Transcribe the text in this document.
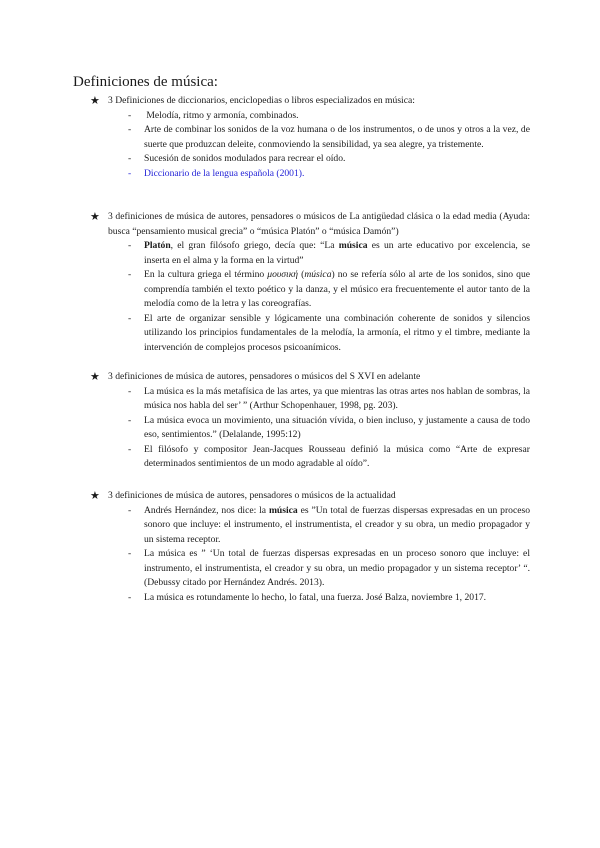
Definiciones de música:
★ 3 Definiciones de diccionarios, enciclopedias o libros especializados en música:
- Melodía, ritmo y armonía, combinados.
- Arte de combinar los sonidos de la voz humana o de los instrumentos, o de unos y otros a la vez, de suerte que produzcan deleite, conmoviendo la sensibilidad, ya sea alegre, ya tristemente.
- Sucesión de sonidos modulados para recrear el oído.
- Diccionario de la lengua española (2001).
★ 3 definiciones de música de autores, pensadores o músicos de La antigüedad clásica o la edad media (Ayuda: busca “pensamiento musical grecia” o “música Platón” o “música Damón”)
- Platón, el gran filósofo griego, decía que: “La música es un arte educativo por excelencia, se inserta en el alma y la forma en la virtud”
- En la cultura griega el término μουσική (música) no se refería sólo al arte de los sonidos, sino que comprendía también el texto poético y la danza, y el músico era frecuentemente el autor tanto de la melodía como de la letra y las coreografías.
- El arte de organizar sensible y lógicamente una combinación coherente de sonidos y silencios utilizando los principios fundamentales de la melodía, la armonía, el ritmo y el timbre, mediante la intervención de complejos procesos psicoanímicos.
★ 3 definiciones de música de autores, pensadores o músicos del S XVI en adelante
- La música es la más metafísica de las artes, ya que mientras las otras artes nos hablan de sombras, la música nos habla del ser’ ” (Arthur Schopenhauer, 1998, pg. 203).
- La música evoca un movimiento, una situación vívida, o bien incluso, y justamente a causa de todo eso, sentimientos.” (Delalande, 1995:12)
- El filósofo y compositor Jean-Jacques Rousseau definió la música como “Arte de expresar determinados sentimientos de un modo agradable al oído”.
★ 3 definiciones de música de autores, pensadores o músicos de la actualidad
- Andrés Hernández, nos dice: la música es ”Un total de fuerzas dispersas expresadas en un proceso sonoro que incluye: el instrumento, el instrumentista, el creador y su obra, un medio propagador y un sistema receptor.
- La música es ” ‘Un total de fuerzas dispersas expresadas en un proceso sonoro que incluye: el instrumento, el instrumentista, el creador y su obra, un medio propagador y un sistema receptor’ “. (Debussy citado por Hernández Andrés. 2013).
- La música es rotundamente lo hecho, lo fatal, una fuerza. José Balza, noviembre 1, 2017.
